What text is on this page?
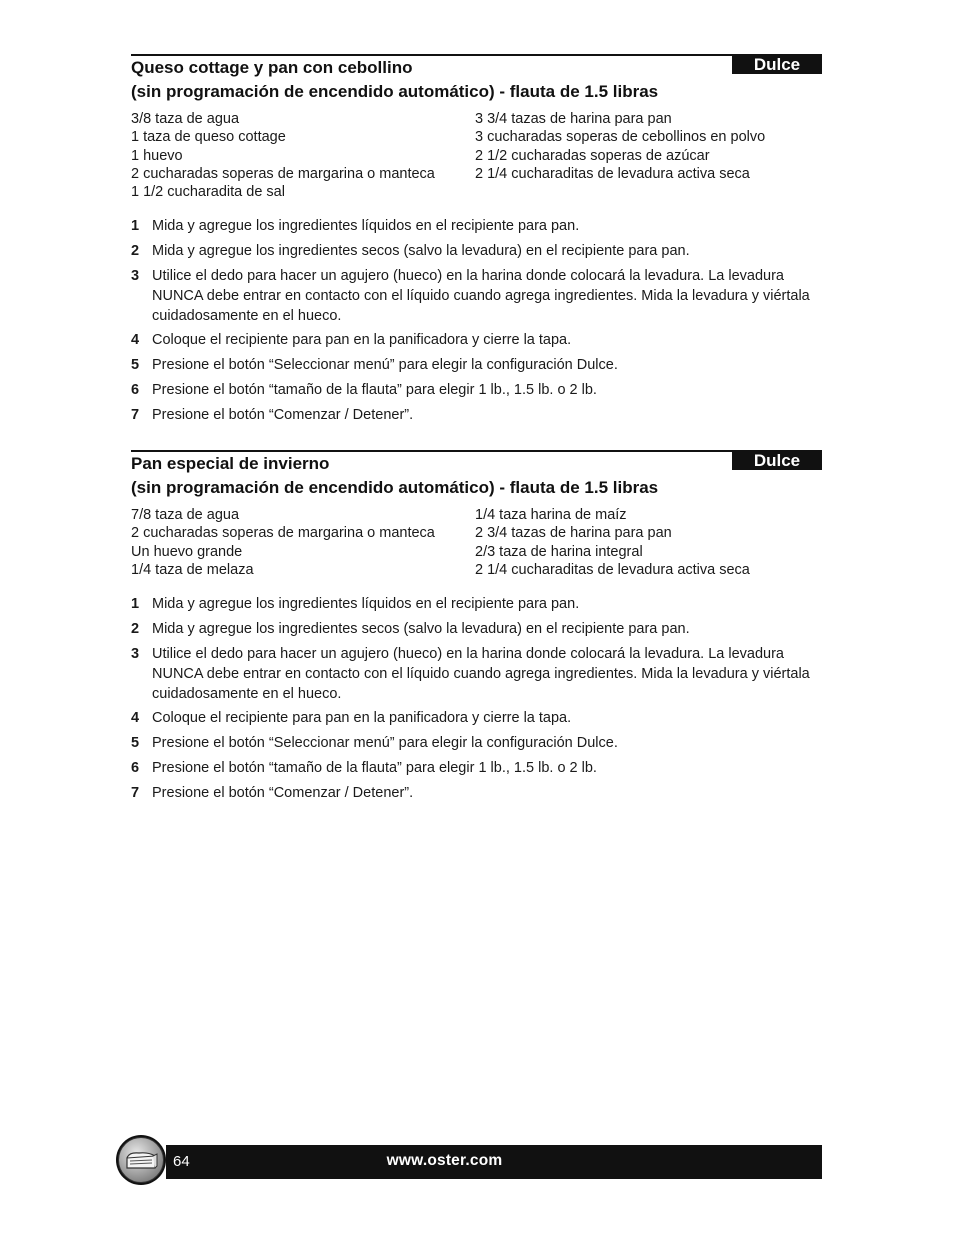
Dulce
Queso cottage y pan con cebollino
(sin programación de encendido automático) - flauta de 1.5 libras
3/8 taza de agua
1 taza de queso cottage
1 huevo
2 cucharadas soperas de margarina o manteca
1 1/2 cucharadita de sal
3 3/4 tazas de harina para pan
3 cucharadas soperas de cebollinos en polvo
2 1/2 cucharadas soperas de azúcar
2 1/4 cucharaditas de levadura activa seca
1 Mida y agregue los ingredientes líquidos en el recipiente para pan.
2 Mida y agregue los ingredientes secos (salvo la levadura) en el recipiente para pan.
3 Utilice el dedo para hacer un agujero (hueco) en la harina donde colocará la levadura. La levadura NUNCA debe entrar en contacto con el líquido cuando agrega ingredientes. Mida la levadura y viértala cuidadosamente en el hueco.
4 Coloque el recipiente para pan en la panificadora y cierre la tapa.
5 Presione el botón “Seleccionar menú” para elegir la configuración Dulce.
6 Presione el botón “tamaño de la flauta” para elegir 1 lb., 1.5 lb. o 2 lb.
7 Presione el botón “Comenzar / Detener”.
Dulce
Pan especial de invierno
(sin programación de encendido automático) - flauta de 1.5 libras
7/8 taza de agua
2 cucharadas soperas de margarina o manteca
Un huevo grande
1/4 taza de melaza
1/4 taza harina de maíz
2 3/4 tazas de harina para pan
2/3 taza de harina integral
2 1/4 cucharaditas de levadura activa seca
1 Mida y agregue los ingredientes líquidos en el recipiente para pan.
2 Mida y agregue los ingredientes secos (salvo la levadura) en el recipiente para pan.
3 Utilice el dedo para hacer un agujero (hueco) en la harina donde colocará la levadura. La levadura NUNCA debe entrar en contacto con el líquido cuando agrega ingredientes. Mida la levadura y viértala cuidadosamente en el hueco.
4 Coloque el recipiente para pan en la panificadora y cierre la tapa.
5 Presione el botón “Seleccionar menú” para elegir la configuración Dulce.
6 Presione el botón “tamaño de la flauta” para elegir 1 lb., 1.5 lb. o 2 lb.
7 Presione el botón “Comenzar / Detener”.
64	www.oster.com
